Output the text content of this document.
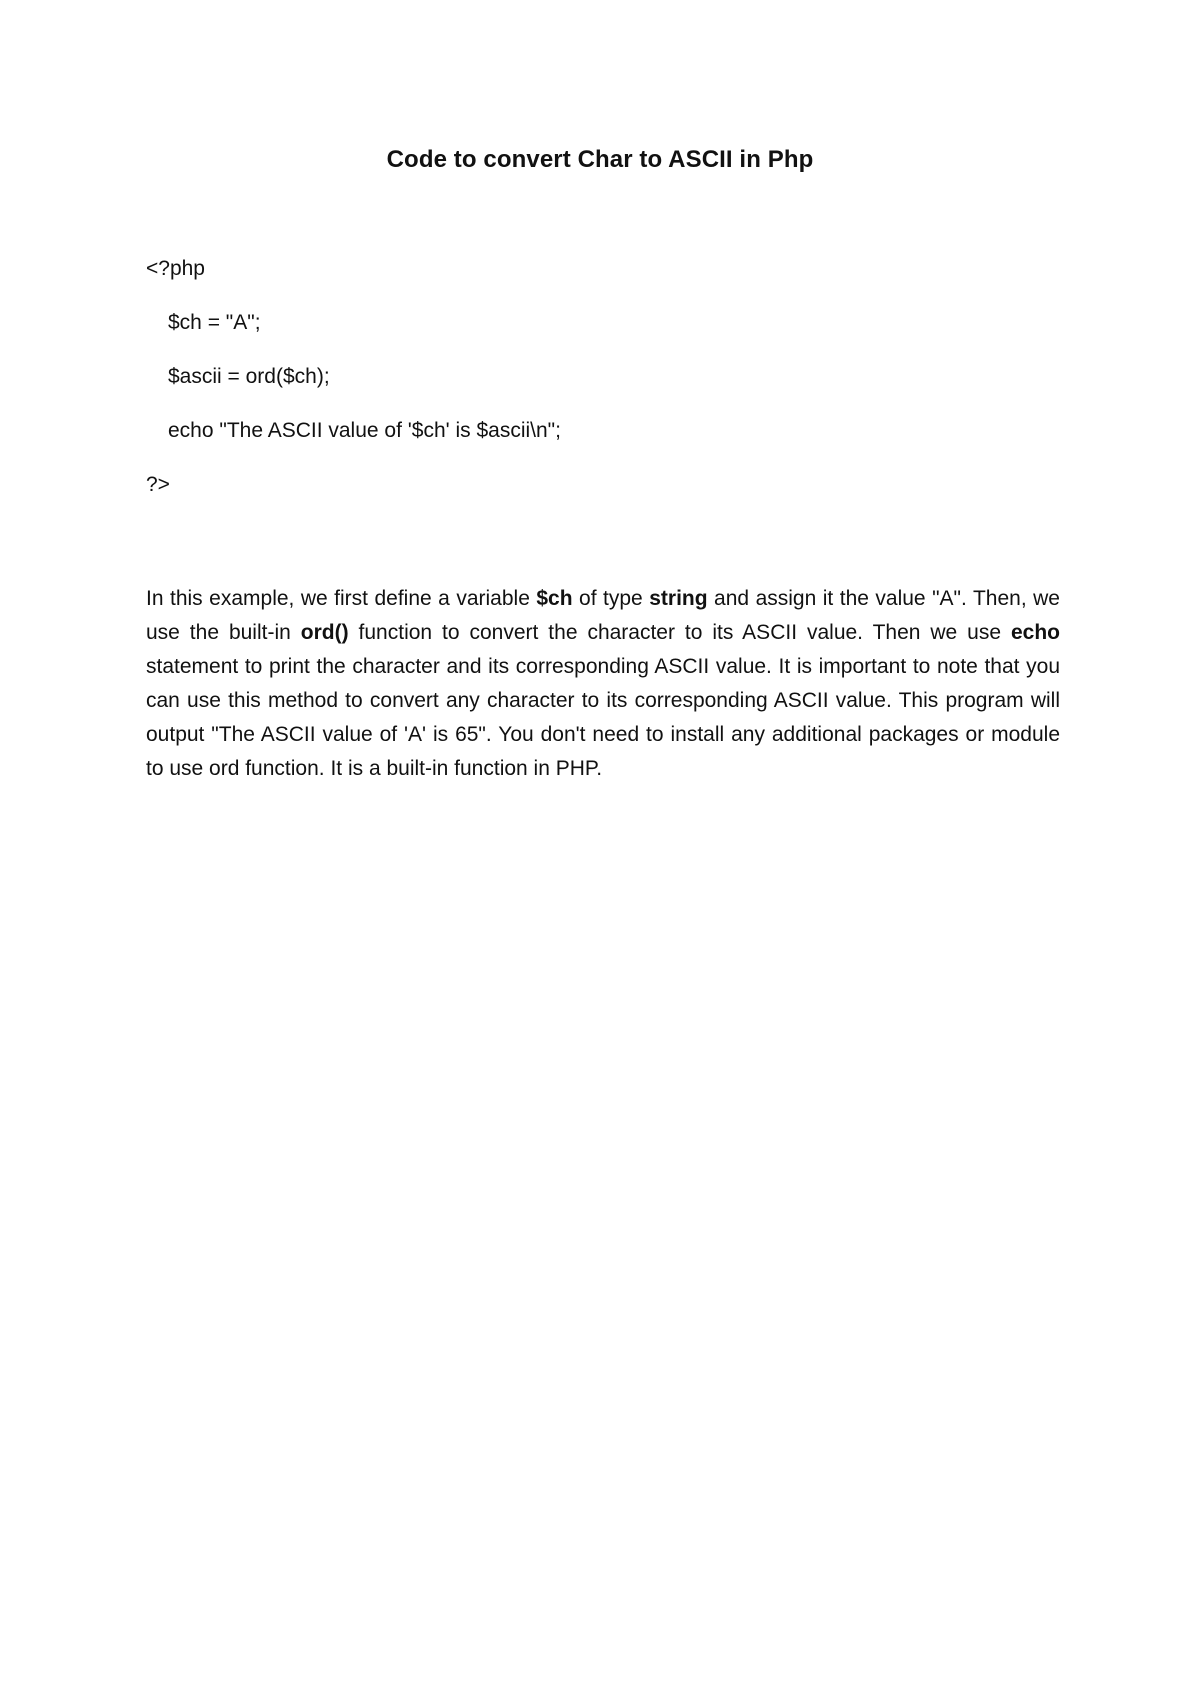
Code to convert Char to ASCII in Php
<?php
$ch = "A";
$ascii = ord($ch);
echo "The ASCII value of '$ch' is $ascii\n";
?>
In this example, we first define a variable $ch of type string and assign it the value "A". Then, we use the built-in ord() function to convert the character to its ASCII value. Then we use echo statement to print the character and its corresponding ASCII value. It is important to note that you can use this method to convert any character to its corresponding ASCII value. This program will output "The ASCII value of 'A' is 65". You don't need to install any additional packages or module to use ord function. It is a built-in function in PHP.
